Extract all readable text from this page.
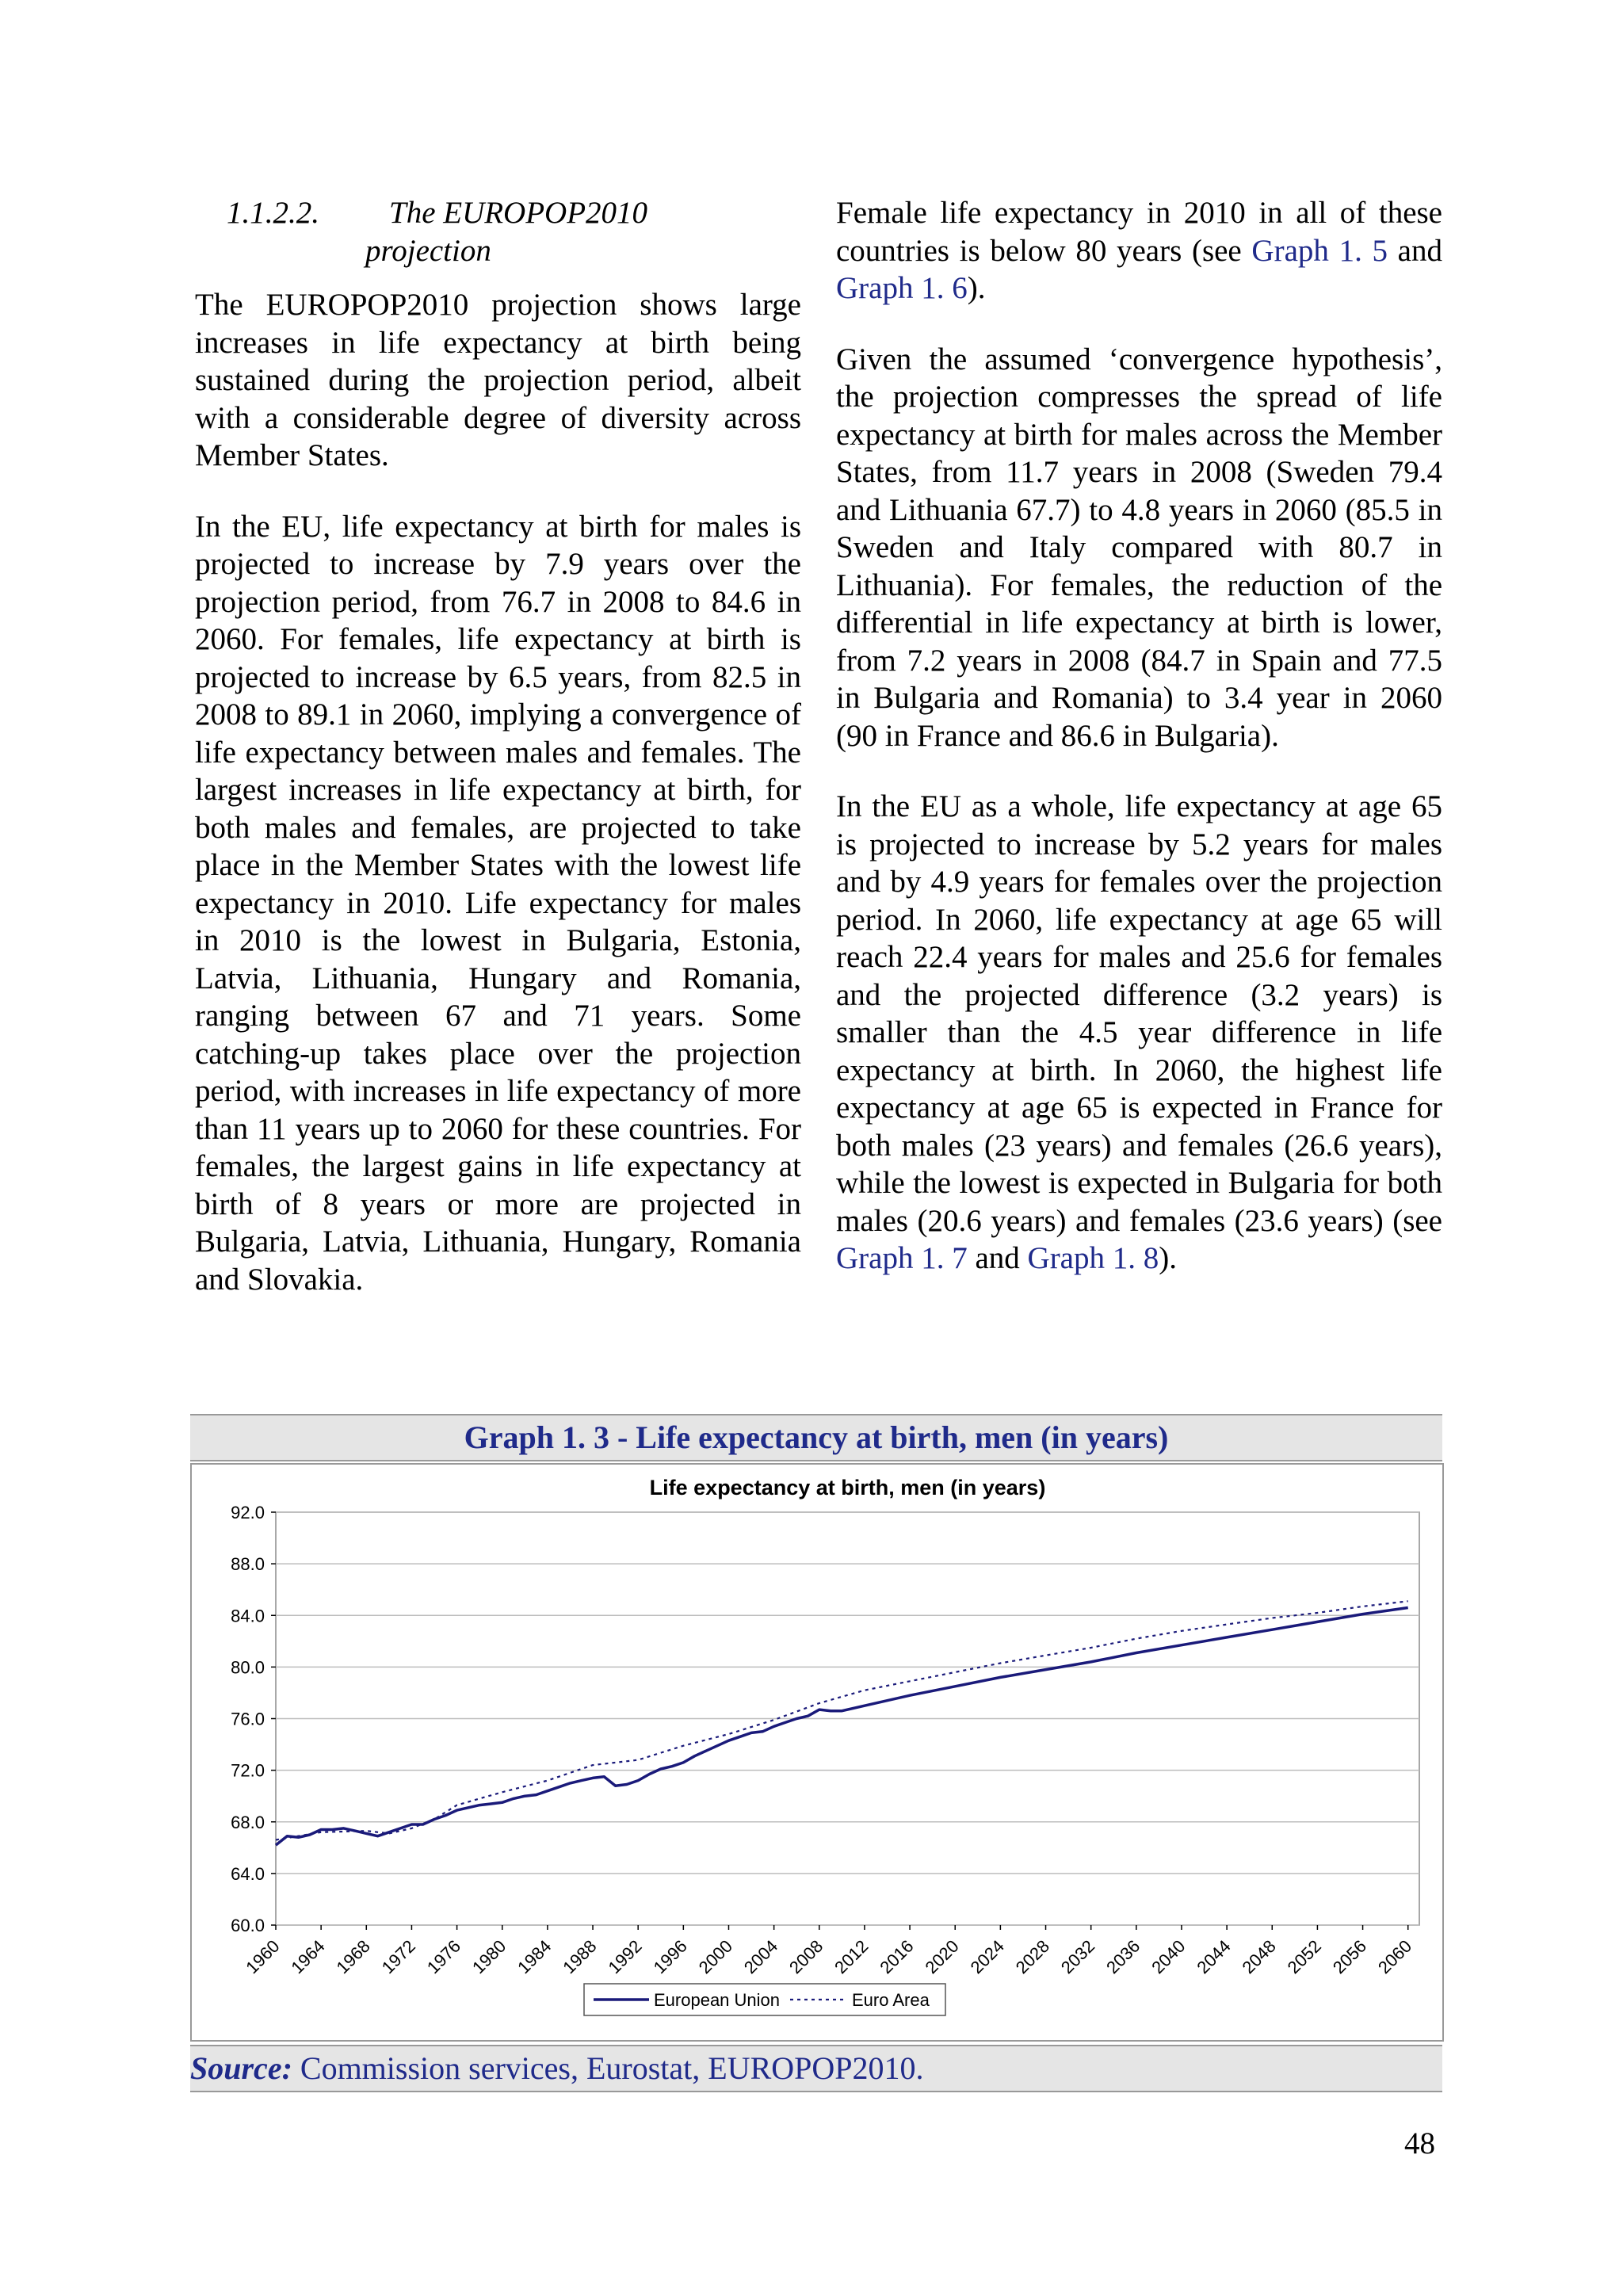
1.1.2.2. The EUROPOP2010
projection

The EUROPOP2010 projection shows large increases in life expectancy at birth being sustained during the projection period, albeit with a considerable degree of diversity across Member States.

In the EU, life expectancy at birth for males is projected to increase by 7.9 years over the projection period, from 76.7 in 2008 to 84.6 in 2060. For females, life expectancy at birth is projected to increase by 6.5 years, from 82.5 in 2008 to 89.1 in 2060, implying a convergence of life expectancy between males and females. The largest increases in life expectancy at birth, for both males and females, are projected to take place in the Member States with the lowest life expectancy in 2010. Life expectancy for males in 2010 is the lowest in Bulgaria, Estonia, Latvia, Lithuania, Hungary and Romania, ranging between 67 and 71 years. Some catching-up takes place over the projection period, with increases in life expectancy of more than 11 years up to 2060 for these countries. For females, the largest gains in life expectancy at birth of 8 years or more are projected in Bulgaria, Latvia, Lithuania, Hungary, Romania and Slovakia.

Female life expectancy in 2010 in all of these countries is below 80 years (see Graph 1. 5 and Graph 1. 6).

Given the assumed ‘convergence hypothesis’, the projection compresses the spread of life expectancy at birth for males across the Member States, from 11.7 years in 2008 (Sweden 79.4 and Lithuania 67.7) to 4.8 years in 2060 (85.5 in Sweden and Italy compared with 80.7 in Lithuania). For females, the reduction of the differential in life expectancy at birth is lower, from 7.2 years in 2008 (84.7 in Spain and 77.5 in Bulgaria and Romania) to 3.4 year in 2060 (90 in France and 86.6 in Bulgaria).

In the EU as a whole, life expectancy at age 65 is projected to increase by 5.2 years for males and by 4.9 years for females over the projection period. In 2060, life expectancy at age 65 will reach 22.4 years for males and 25.6 for females and the projected difference (3.2 years) is smaller than the 4.5 year difference in life expectancy at birth. In 2060, the highest life expectancy at age 65 is expected in France for both males (23 years) and females (26.6 years), while the lowest is expected in Bulgaria for both males (20.6 years) and females (23.6 years) (see Graph 1. 7 and Graph 1. 8).

Graph 1. 3 - Life expectancy at birth, men (in years)
Life expectancy at birth, men (in years)
60.0
64.0
68.0
72.0
76.0
80.0
84.0
88.0
92.0
1960 1964 1968 1972 1976 1980 1984 1988 1992 1996 2000 2004 2008 2012 2016 2020 2024 2028 2032 2036 2040 2044 2048 2052 2056 2060
European Union	Euro Area
Source: Commission services, Eurostat, EUROPOP2010.
48
